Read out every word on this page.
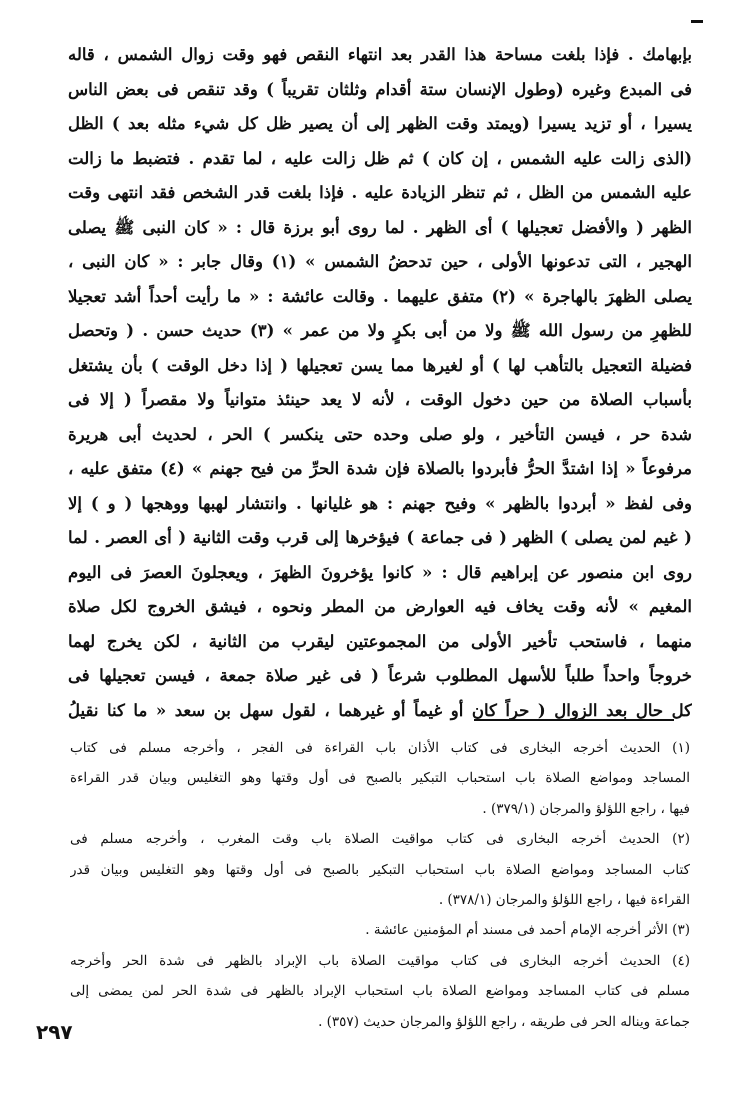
بإبهامك . فإذا بلغت مساحة هذا القدر بعد انتهاء النقص فهو وقت زوال الشمس ، قاله
فى المبدع وغيره (وطول الإنسان ستة أقدام وثلثان تقريباً ) وقد تنقص فى بعض الناس
يسيرا ، أو تزيد يسيرا (ويمتد وقت الظهر إلى أن يصير ظل كل شيء مثله بعد ) الظل
(الذى زالت عليه الشمس ، إن كان ) ثم ظل زالت عليه ، لما تقدم . فتضبط ما زالت
عليه الشمس من الظل ، ثم تنظر الزيادة عليه . فإذا بلغت قدر الشخص فقد انتهى وقت
الظهر ( والأفضل تعجيلها ) أى الظهر . لما روى أبو برزة قال : « كان النبى ﷺ يصلى
الهجير ، التى تدعونها الأولى ، حين تدحضُ الشمس » (١) وقال جابر : « كان النبى ،
يصلى الظهرَ بالهاجرة » (٢) متفق عليهما . وقالت عائشة : « ما رأيت أحداً أشد تعجيلا
للظهرِ من رسول الله ﷺ ولا من أبى بكرٍ ولا من عمر » (٣) حديث حسن . ( وتحصل
فضيلة التعجيل بالتأهب لها ) أو لغيرها مما يسن تعجيلها ( إذا دخل الوقت ) بأن يشتغل
بأسباب الصلاة من حين دخول الوقت ، لأنه لا يعد حينئذ متوانياً ولا مقصراً ( إلا فى
شدة حر ، فيسن التأخير ، ولو صلى وحده حتى ينكسر ) الحر ، لحديث أبى هريرة
مرفوعاً « إذا اشتدَّ الحرُّ فأبردوا بالصلاة فإن شدة الحرِّ من فيح جهنم » (٤) متفق عليه ،
وفى لفظ « أبردوا بالظهر » وفيح جهنم : هو غليانها . وانتشار لهبها ووهجها ( و ) إلا
( غيم لمن يصلى ) الظهر ( فى جماعة ) فيؤخرها إلى قرب وقت الثانية ( أى العصر . لما
روى ابن منصور عن إبراهيم قال : « كانوا يؤخرونَ الظهرَ ، ويعجلونَ العصرَ فى اليوم
المغيم » لأنه وقت يخاف فيه العوارض من المطر ونحوه ، فيشق الخروج لكل صلاة
منهما ، فاستحب تأخير الأولى من المجموعتين ليقرب من الثانية ، لكن يخرج لهما
خروجاً واحداً طلباً للأسهل المطلوب شرعاً ( فى غير صلاة جمعة ، فيسن تعجيلها فى
كل حال بعد الزوال ( حراً كان أو غيماً أو غيرهما ، لقول سهل بن سعد « ما كنا نقيلُ
(١) الحديث أخرجه البخارى فى كتاب الأذان باب القراءة فى الفجر ، وأخرجه مسلم فى كتاب
المساجد ومواضع الصلاة باب استحباب التبكير بالصبح فى أول وقتها وهو التغليس وبيان قدر القراءة
فيها ، راجع اللؤلؤ والمرجان (٣٧٩/١) .
(٢) الحديث أخرجه البخارى فى كتاب مواقيت الصلاة باب وقت المغرب ، وأخرجه مسلم فى
كتاب المساجد ومواضع الصلاة باب استحباب التبكير بالصبح فى أول وقتها وهو التغليس وبيان قدر
القراءة فيها ، راجع اللؤلؤ والمرجان (٣٧٨/١) .
(٣) الأثر أخرجه الإمام أحمد فى مسند أم المؤمنين عائشة .
(٤) الحديث أخرجه البخارى فى كتاب مواقيت الصلاة باب الإبراد بالظهر فى شدة الحر وأخرجه
مسلم فى كتاب المساجد ومواضع الصلاة باب استحباب الإبراد بالظهر فى شدة الحر لمن يمضى إلى
جماعة ويناله الحر فى طريقه ، راجع اللؤلؤ والمرجان حديث (٣٥٧) .
٢٩٧
